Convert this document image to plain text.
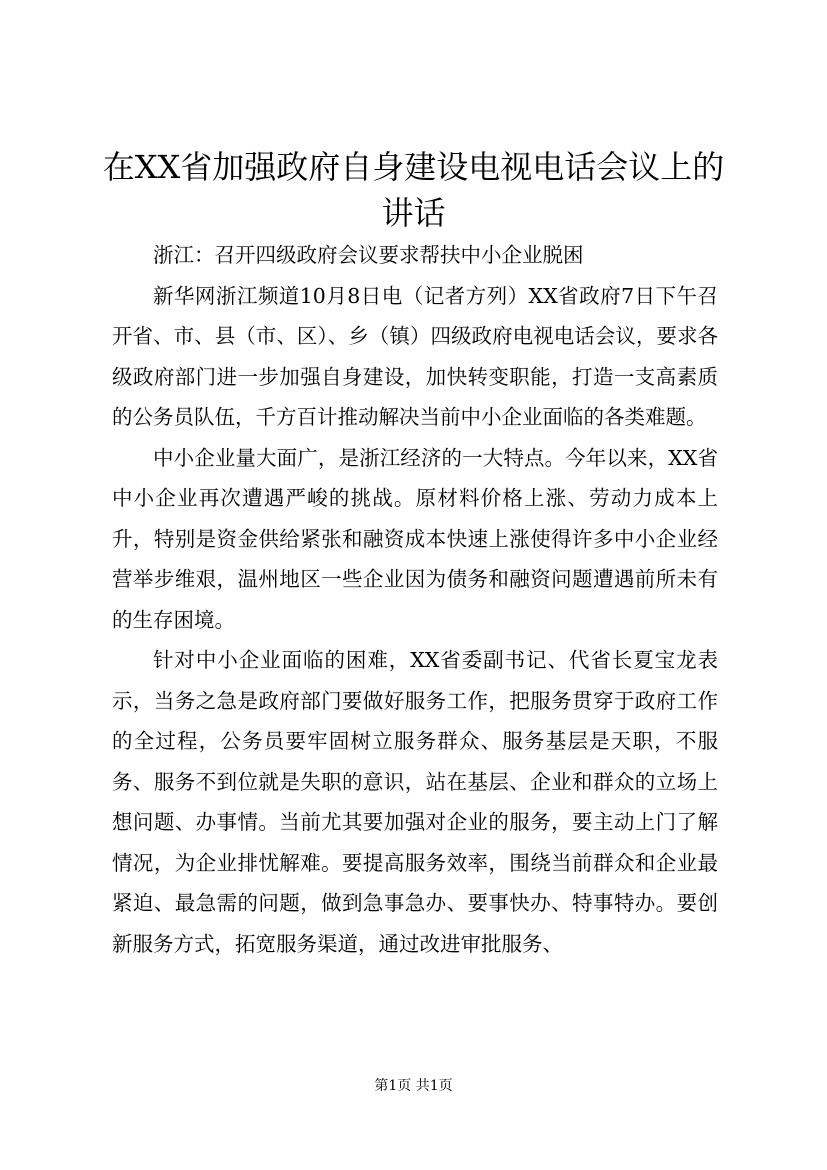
在XX省加强政府自身建设电视电话会议上的
讲话

浙江：召开四级政府会议要求帮扶中小企业脱困

新华网浙江频道10月8日电（记者方列）XX省政府7日下午召开省、市、县（市、区）、乡（镇）四级政府电视电话会议，要求各级政府部门进一步加强自身建设，加快转变职能，打造一支高素质的公务员队伍，千方百计推动解决当前中小企业面临的各类难题。

中小企业量大面广，是浙江经济的一大特点。今年以来，XX省中小企业再次遭遇严峻的挑战。原材料价格上涨、劳动力成本上升，特别是资金供给紧张和融资成本快速上涨使得许多中小企业经营举步维艰，温州地区一些企业因为债务和融资问题遭遇前所未有的生存困境。

针对中小企业面临的困难，XX省委副书记、代省长夏宝龙表示，当务之急是政府部门要做好服务工作，把服务贯穿于政府工作的全过程，公务员要牢固树立服务群众、服务基层是天职，不服务、服务不到位就是失职的意识，站在基层、企业和群众的立场上想问题、办事情。当前尤其要加强对企业的服务，要主动上门了解情况，为企业排忧解难。要提高服务效率，围绕当前群众和企业最紧迫、最急需的问题，做到急事急办、要事快办、特事特办。要创新服务方式，拓宽服务渠道，通过改进审批服务、

第1页 共1页
